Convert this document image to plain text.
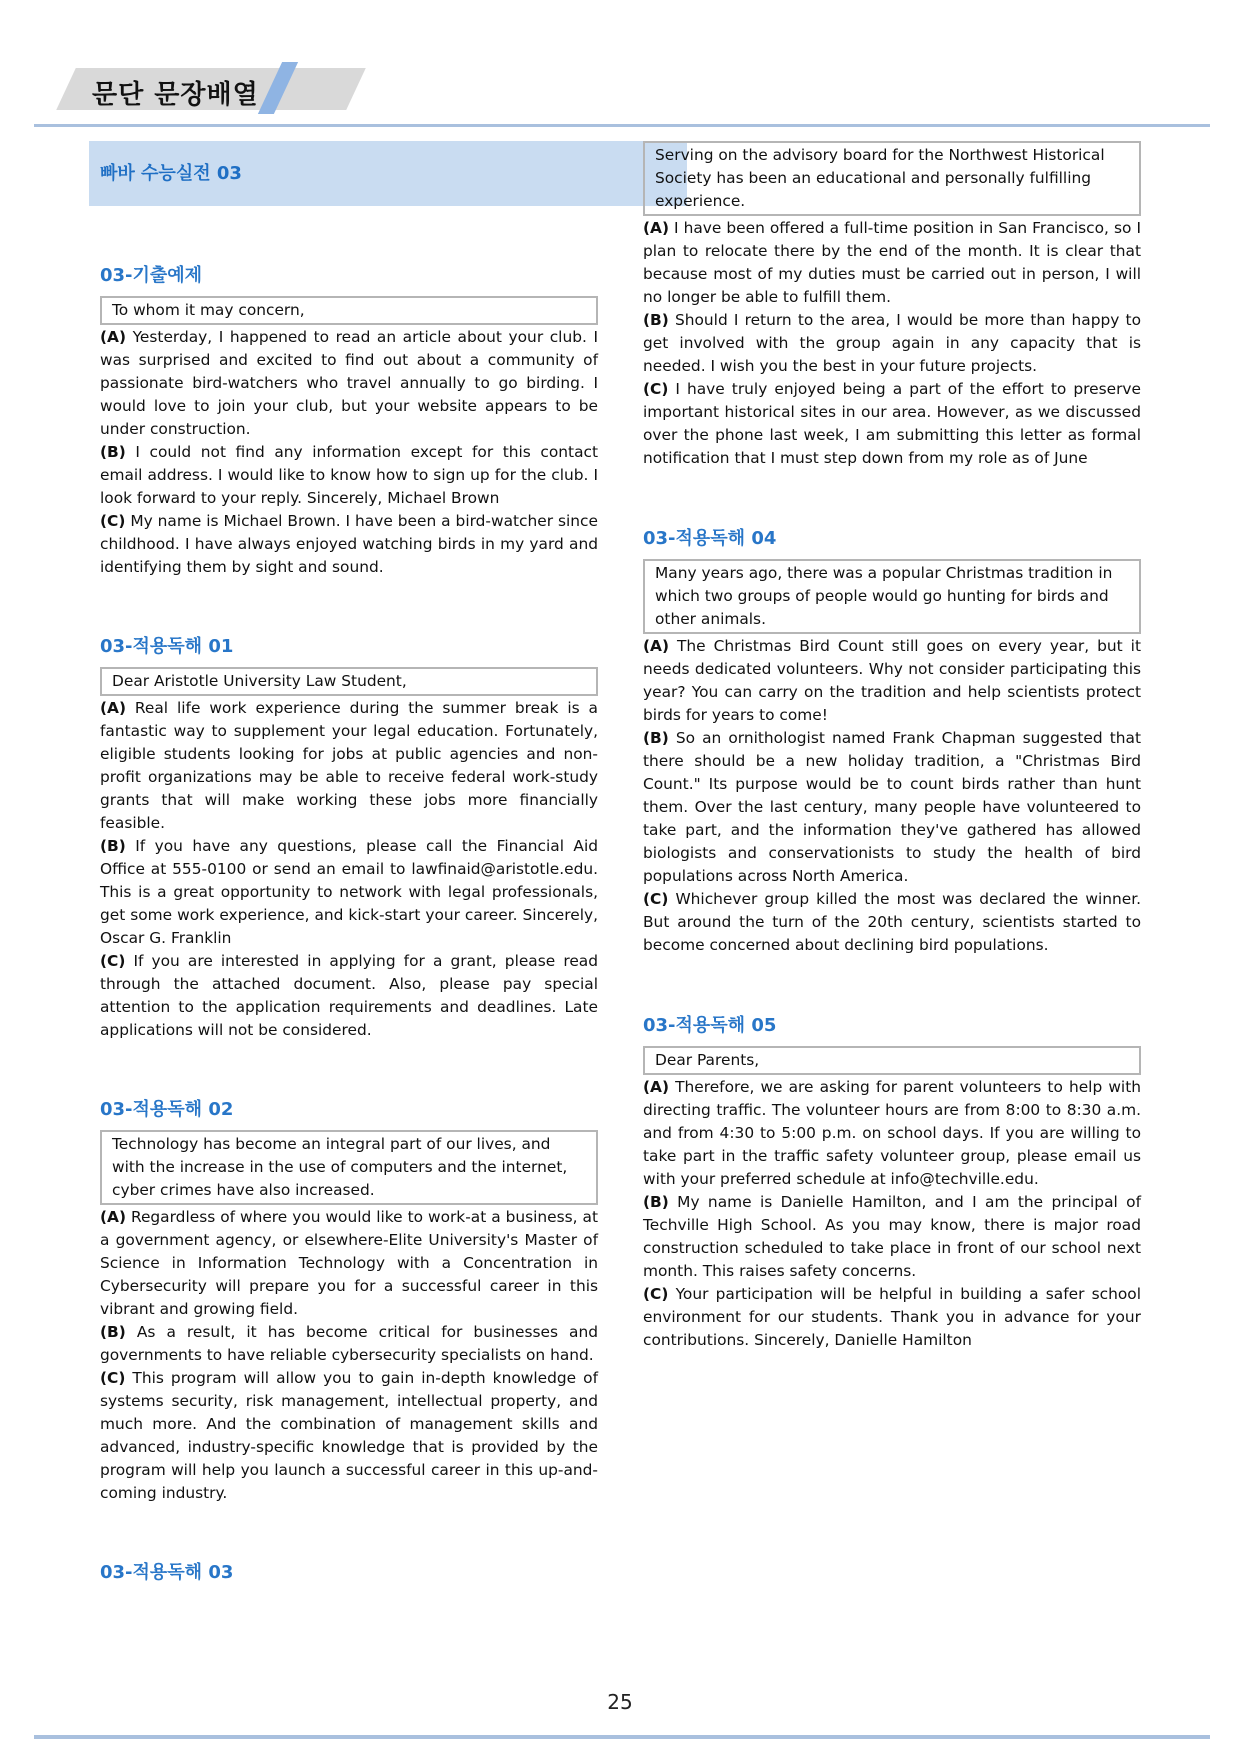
문단 문장배열
빠바 수능실전 03
03-기출예제
To whom it may concern,

(A) Yesterday, I happened to read an article about your club. I was surprised and excited to find out about a community of passionate bird-watchers who travel annually to go birding. I would love to join your club, but your website appears to be under construction.

(B) I could not find any information except for this contact email address. I would like to know how to sign up for the club. I look forward to your reply. Sincerely, Michael Brown

(C) My name is Michael Brown. I have been a bird-watcher since childhood. I have always enjoyed watching birds in my yard and identifying them by sight and sound.

03-적용독해 01
Dear Aristotle University Law Student,

(A) Real life work experience during the summer break is a fantastic way to supplement your legal education. Fortunately, eligible students looking for jobs at public agencies and non-profit organizations may be able to receive federal work-study grants that will make working these jobs more financially feasible.

(B) If you have any questions, please call the Financial Aid Office at 555-0100 or send an email to lawfinaid@aristotle.edu. This is a great opportunity to network with legal professionals, get some work experience, and kick-start your career. Sincerely, Oscar G. Franklin

(C) If you are interested in applying for a grant, please read through the attached document. Also, please pay special attention to the application requirements and deadlines. Late applications will not be considered.

03-적용독해 02
Technology has become an integral part of our lives, and with the increase in the use of computers and the internet, cyber crimes have also increased.

(A) Regardless of where you would like to work-at a business, at a government agency, or elsewhere-Elite University's Master of Science in Information Technology with a Concentration in Cybersecurity will prepare you for a successful career in this vibrant and growing field.

(B) As a result, it has become critical for businesses and governments to have reliable cybersecurity specialists on hand.

(C) This program will allow you to gain in-depth knowledge of systems security, risk management, intellectual property, and much more. And the combination of management skills and advanced, industry-specific knowledge that is provided by the program will help you launch a successful career in this up-and-coming industry.

03-적용독해 03
Serving on the advisory board for the Northwest Historical Society has been an educational and personally fulfilling experience.

(A) I have been offered a full-time position in San Francisco, so I plan to relocate there by the end of the month. It is clear that because most of my duties must be carried out in person, I will no longer be able to fulfill them.

(B) Should I return to the area, I would be more than happy to get involved with the group again in any capacity that is needed. I wish you the best in your future projects.

(C) I have truly enjoyed being a part of the effort to preserve important historical sites in our area. However, as we discussed over the phone last week, I am submitting this letter as formal notification that I must step down from my role as of June

03-적용독해 04
Many years ago, there was a popular Christmas tradition in which two groups of people would go hunting for birds and other animals.

(A) The Christmas Bird Count still goes on every year, but it needs dedicated volunteers. Why not consider participating this year? You can carry on the tradition and help scientists protect birds for years to come!

(B) So an ornithologist named Frank Chapman suggested that there should be a new holiday tradition, a "Christmas Bird Count." Its purpose would be to count birds rather than hunt them. Over the last century, many people have volunteered to take part, and the information they've gathered has allowed biologists and conservationists to study the health of bird populations across North America.

(C) Whichever group killed the most was declared the winner. But around the turn of the 20th century, scientists started to become concerned about declining bird populations.

03-적용독해 05
Dear Parents,

(A) Therefore, we are asking for parent volunteers to help with directing traffic. The volunteer hours are from 8:00 to 8:30 a.m. and from 4:30 to 5:00 p.m. on school days. If you are willing to take part in the traffic safety volunteer group, please email us with your preferred schedule at info@techville.edu.

(B) My name is Danielle Hamilton, and I am the principal of Techville High School. As you may know, there is major road construction scheduled to take place in front of our school next month. This raises safety concerns.

(C) Your participation will be helpful in building a safer school environment for our students. Thank you in advance for your contributions. Sincerely, Danielle Hamilton

25
